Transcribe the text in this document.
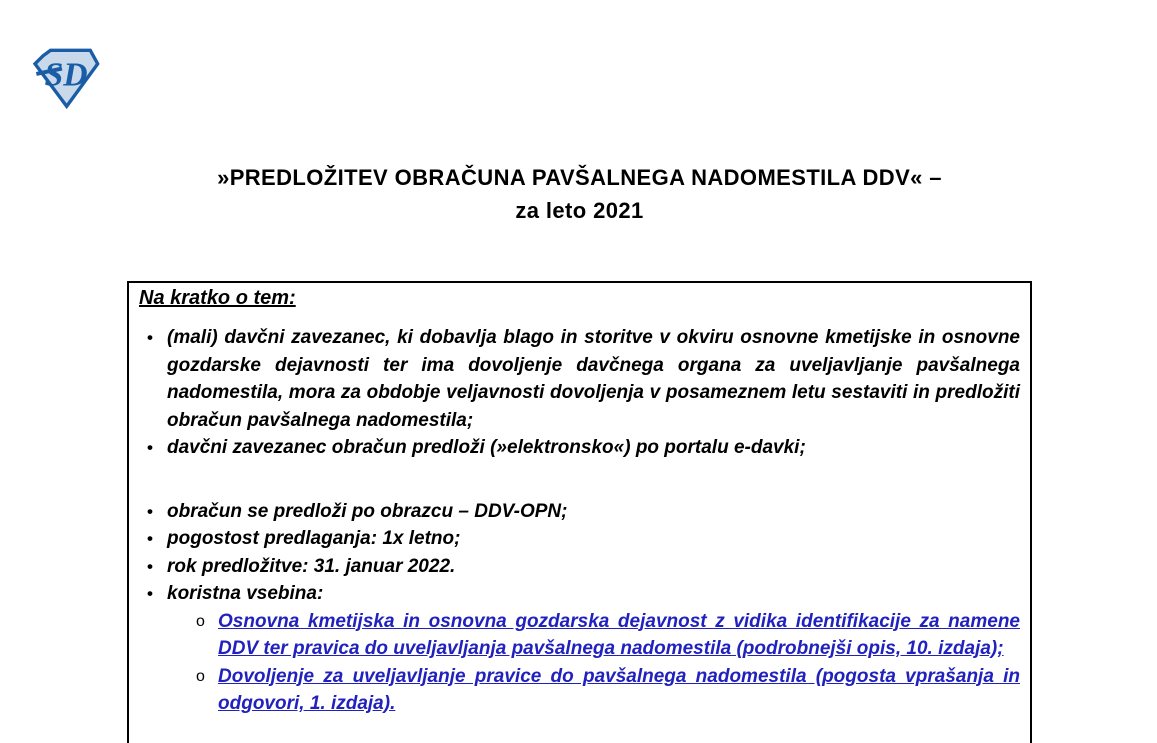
SD
»PREDLOŽITEV OBRAČUNA PAVŠALNEGA NADOMESTILA DDV« –
za leto 2021

Na kratko o tem:

• (mali) davčni zavezanec, ki dobavlja blago in storitve v okviru osnovne kmetijske in osnovne gozdarske dejavnosti ter ima dovoljenje davčnega organa za uveljavljanje pavšalnega nadomestila, mora za obdobje veljavnosti dovoljenja v posameznem letu sestaviti in predložiti obračun pavšalnega nadomestila;
• davčni zavezanec obračun predloži (»elektronsko«) po portalu e-davki;
• obračun se predloži po obrazcu – DDV-OPN;
• pogostost predlaganja: 1x letno;
• rok predložitve: 31. januar 2022.
• koristna vsebina:
o Osnovna kmetijska in osnovna gozdarska dejavnost z vidika identifikacije za namene DDV ter pravica do uveljavljanja pavšalnega nadomestila (podrobnejši opis, 10. izdaja);
o Dovoljenje za uveljavljanje pravice do pavšalnega nadomestila (pogosta vprašanja in odgovori, 1. izdaja).
